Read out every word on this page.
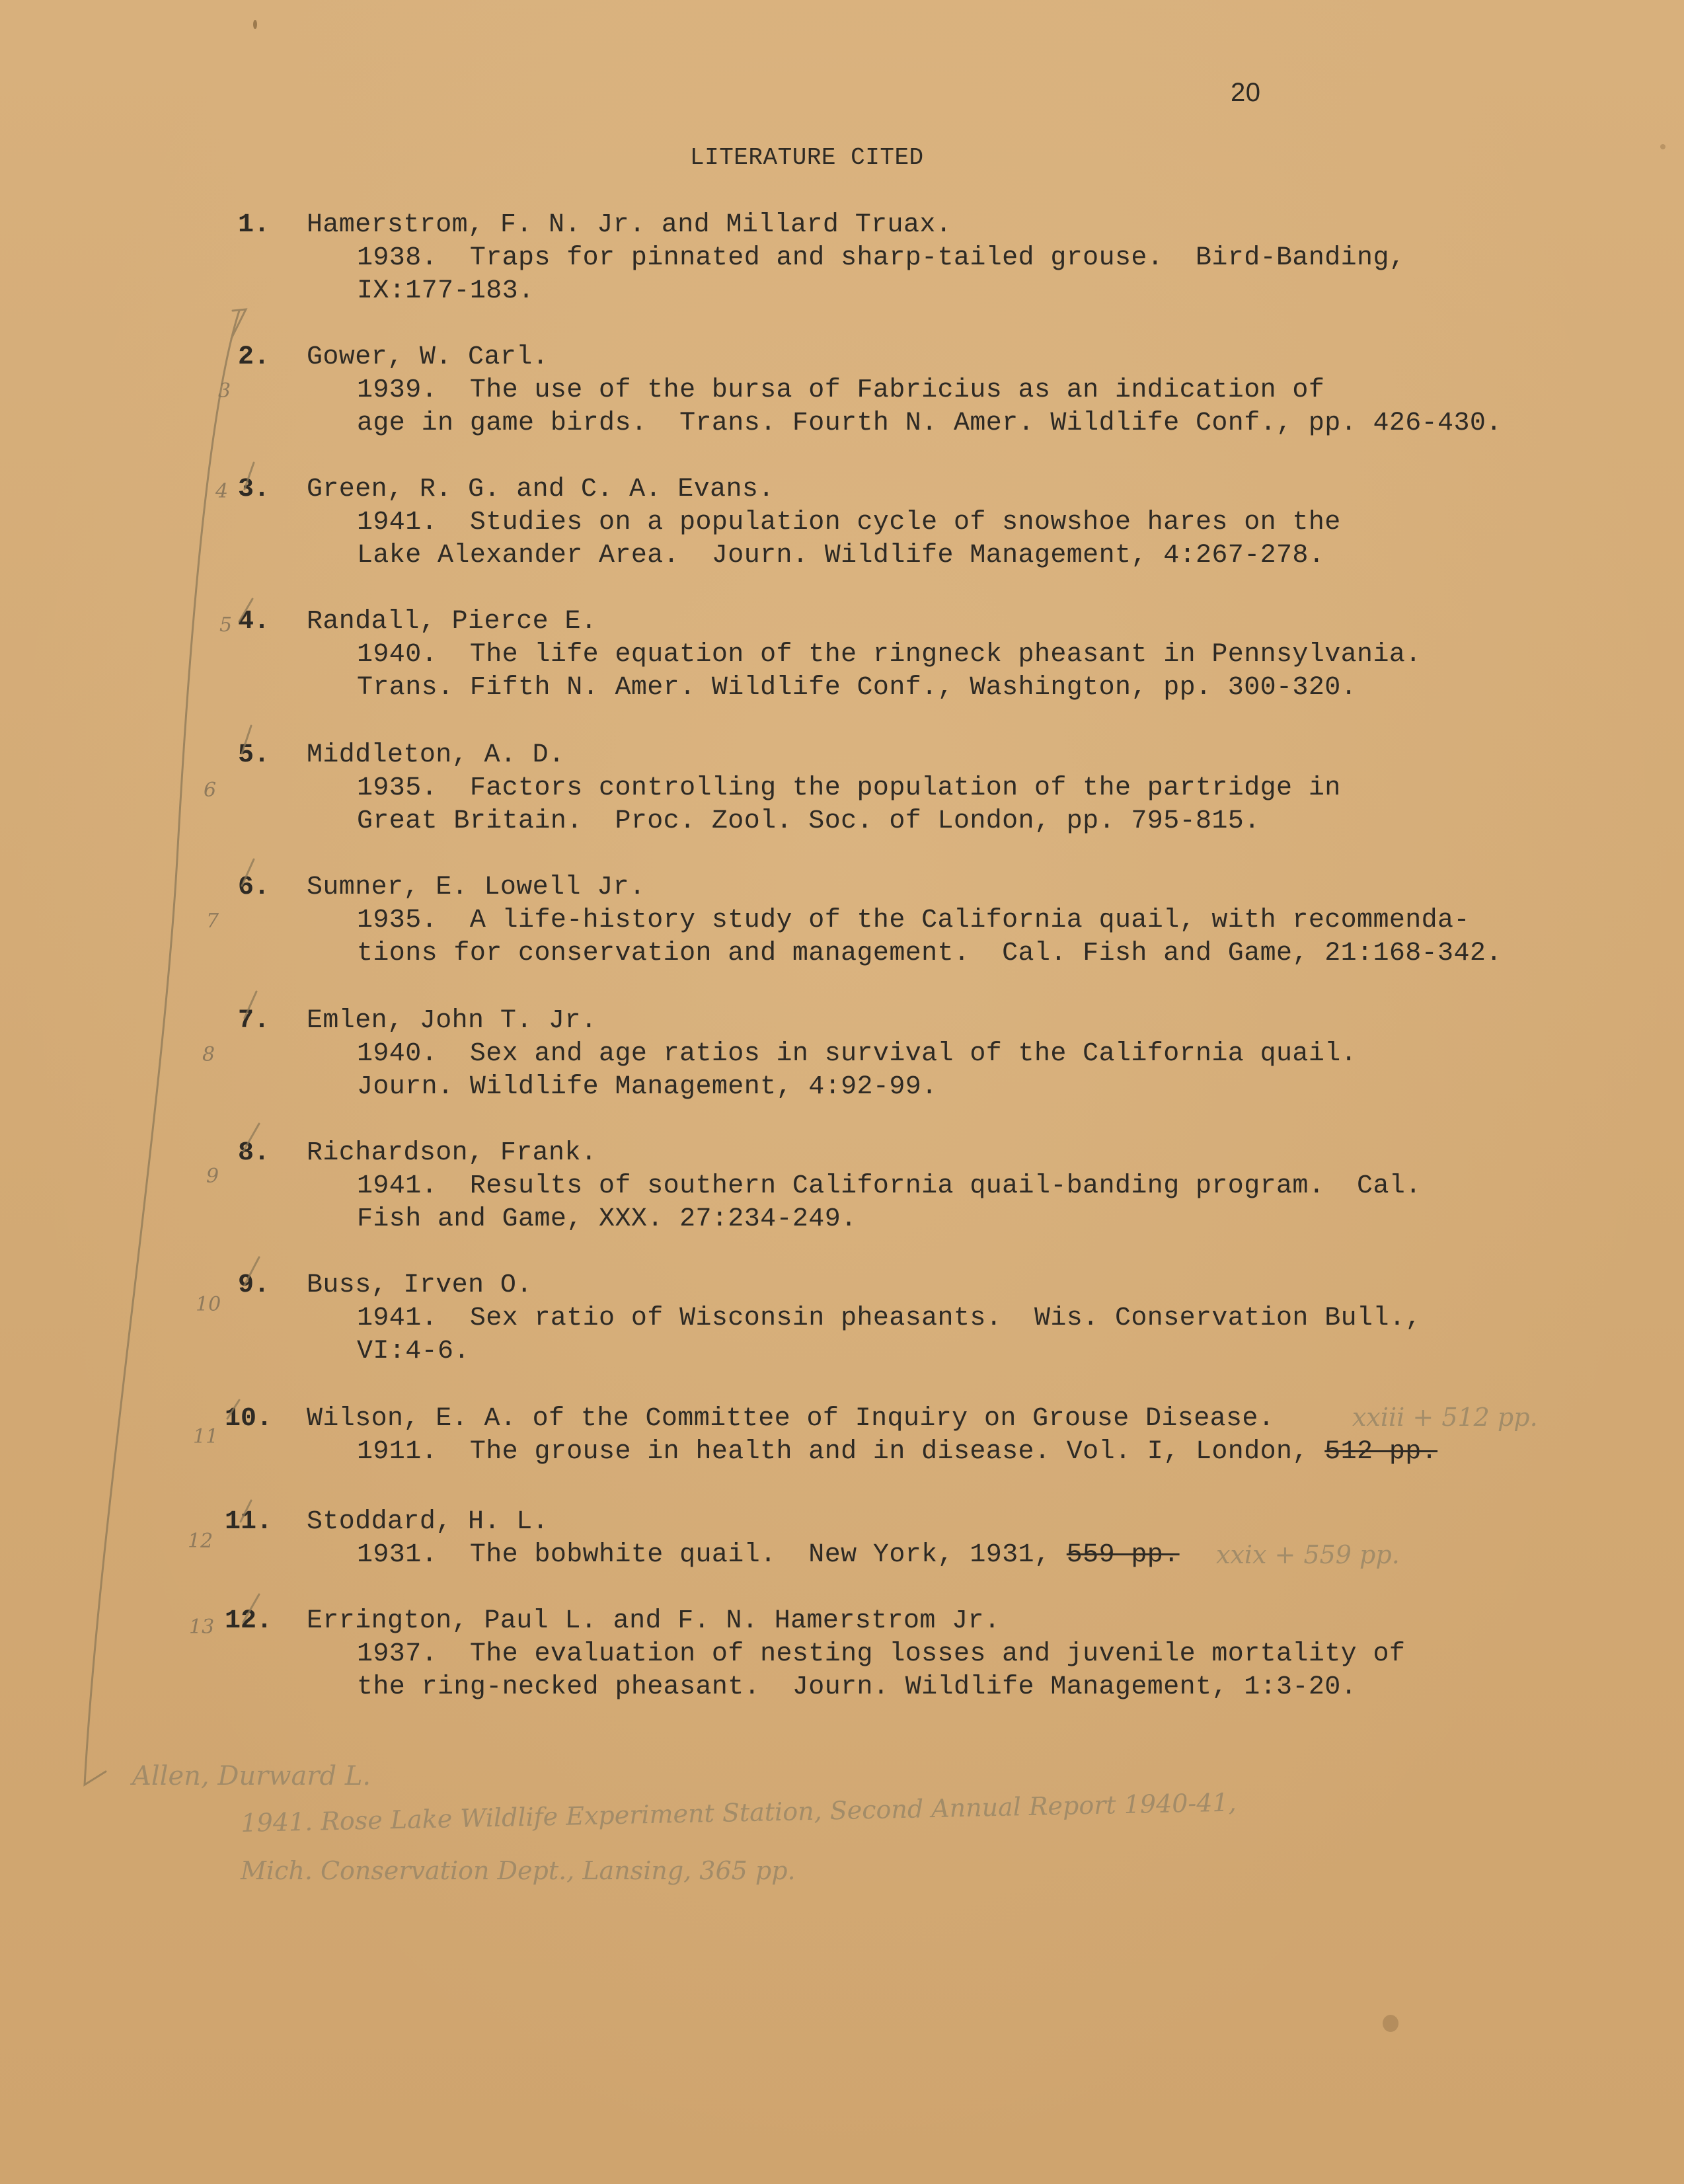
20
LITERATURE CITED
1. Hamerstrom, F. N. Jr. and Millard Truax.
1938.  Traps for pinnated and sharp-tailed grouse.  Bird-Banding,
IX:177-183.
2.
3
Gower, W. Carl.
1939.  The use of the bursa of Fabricius as an indication of
age in game birds.  Trans. Fourth N. Amer. Wildlife Conf., pp. 426-430.
3.
4	Green, R. G. and C. A. Evans.
1941.  Studies on a population cycle of snowshoe hares on the
Lake Alexander Area.  Journ. Wildlife Management, 4:267-278.
4.
5	Randall, Pierce E.
1940.  The life equation of the ringneck pheasant in Pennsylvania.
Trans. Fifth N. Amer. Wildlife Conf., Washington, pp. 300-320.
5.
6
Middleton, A. D.
1935.  Factors controlling the population of the partridge in
Great Britain.  Proc. Zool. Soc. of London, pp. 795-815.
6.
7
Sumner, E. Lowell Jr.
1935.  A life-history study of the California quail, with recommenda-
tions for conservation and management.  Cal. Fish and Game, 21:168-342.
7.
8
Emlen, John T. Jr.
1940.  Sex and age ratios in survival of the California quail.
Journ. Wildlife Management, 4:92-99.
8.
9
Richardson, Frank.
1941.  Results of southern California quail-banding program.  Cal.
Fish and Game, XXX. 27:234-249.
9.
10
Buss, Irven O.
1941.  Sex ratio of Wisconsin pheasants.  Wis. Conservation Bull.,
VI:4-6.
10.
11
Wilson, E. A. of the Committee of Inquiry on Grouse Disease.
1911.  The grouse in health and in disease. Vol. I, London, 512 pp.
xxiii + 512 pp.
11.
12
Stoddard, H. L.
1931.  The bobwhite quail.  New York, 1931, 559 pp. xxix + 559 pp.
12.
13	Errington, Paul L. and F. N. Hamerstrom Jr.
1937.  The evaluation of nesting losses and juvenile mortality of
the ring-necked pheasant.  Journ. Wildlife Management, 1:3-20.
Allen, Durward L.
1941. Rose Lake Wildlife Experiment Station, Second Annual Report 1940-41,
Mich. Conservation Dept., Lansing, 365 pp.
